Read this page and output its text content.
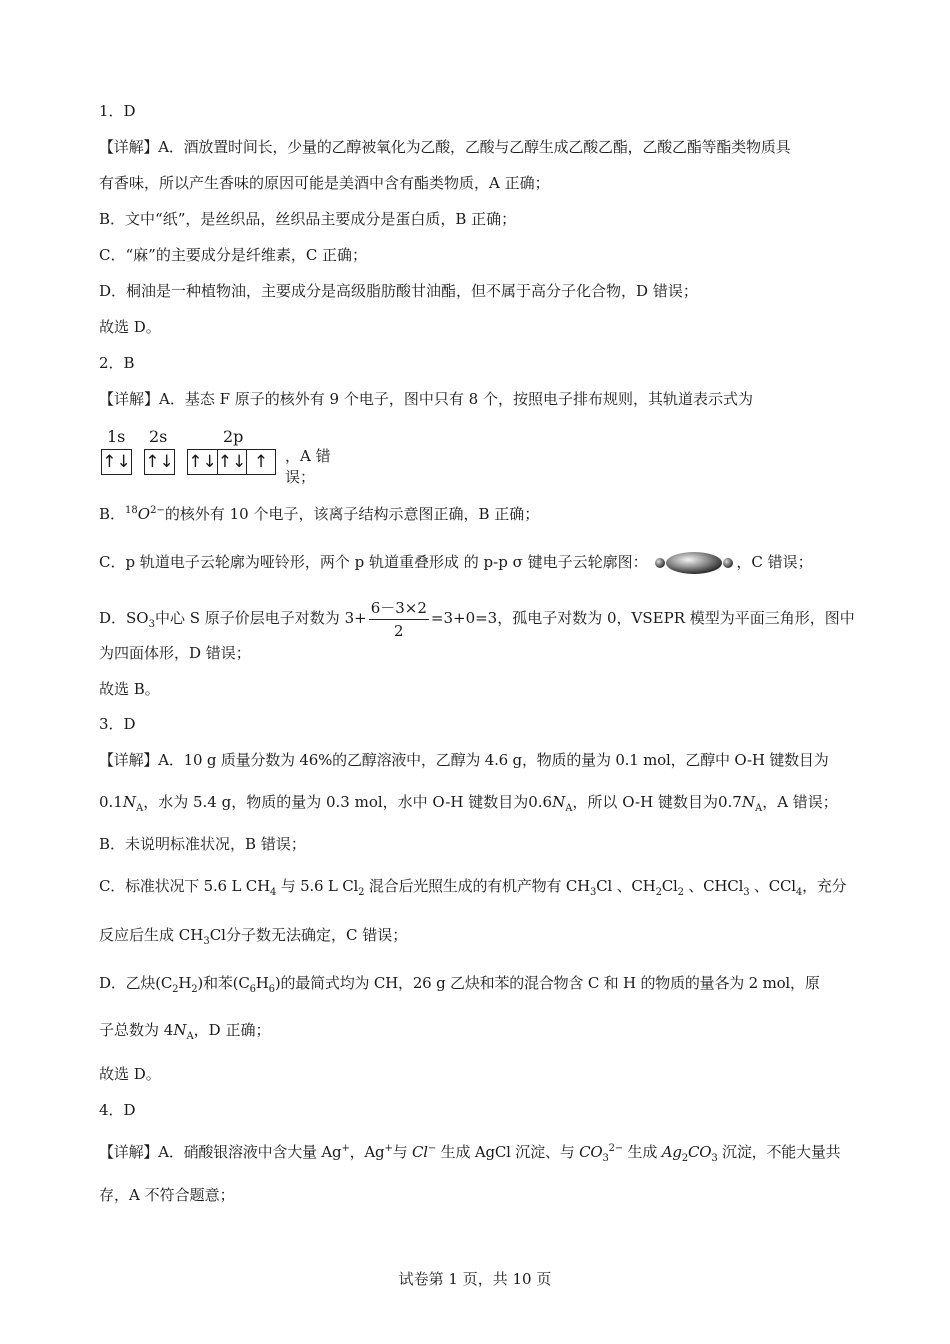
1．D
【详解】A．酒放置时间长，少量的乙醇被氧化为乙酸，乙酸与乙醇生成乙酸乙酯，乙酸乙酯等酯类物质具
有香味，所以产生香味的原因可能是美酒中含有酯类物质，A 正确；
B．文中“纸”，是丝织品，丝织品主要成分是蛋白质，B 正确；
C．“麻”的主要成分是纤维素，C 正确；
D．桐油是一种植物油，主要成分是高级脂肪酸甘油酯，但不属于高分子化合物，D 错误；
故选 D。
2．B
【详解】A．基态 F 原子的核外有 9 个电子，图中只有 8 个，按照电子排布规则，其轨道表示式为
1s 2s	2p
↑↓ ↑↓ ↑↓ ↑↓ ↑	，A 错误；
B．$^{18}O^{2-}$的核外有 10 个电子，该离子结构示意图正确，B 正确；
C．p 轨道电子云轮廓为哑铃形，两个 p 轨道重叠形成 的 p-p σ 键电子云轮廓图：	，C 错误；
D．$SO_3$中心 S 原子价层电子对数为 $3+ \frac{6-3\times 2}{2} =3+0=3$，孤电子对数为 0，VSEPR 模型为平面三角形，图中
为四面体形，D 错误；
故选 B。
3．D
【详解】A．10 g 质量分数为 46%的乙醇溶液中，乙醇为 4.6 g，物质的量为 0.1 mol，乙醇中 O-H 键数目为
$0.1N_A$，水为 5.4 g，物质的量为 0.3 mol，水中 O-H 键数目为$0.6N_A$，所以 O-H 键数目为$0.7N_A$，A 错误；
B．未说明标准状况，B 错误；
C．标准状况下 5.6 L $CH_4$ 与 5.6 L $Cl_2$ 混合后光照生成的有机产物有 $CH_3Cl$ 、$CH_2Cl_2$ 、CHCl$_3$ 、CCl$_4$，充分
反应后生成 $CH_3Cl$分子数无法确定，C 错误；
D．乙炔$(C_2H_2)$和苯$(C_6H_6)$的最简式均为 CH，26 g 乙炔和苯的混合物含 C 和 H 的物质的量各为 2 mol，原
子总数为 $4N_A$，D 正确；
故选 D。
4．D
【详解】A．硝酸银溶液中含大量 Ag+，Ag+与 Cl− 生成 AgCl 沉淀、与 $CO_3^{2-}$ 生成 $Ag_2CO_3$ 沉淀，不能大量共
存，A 不符合题意；
试卷第 1 页，共 10 页
